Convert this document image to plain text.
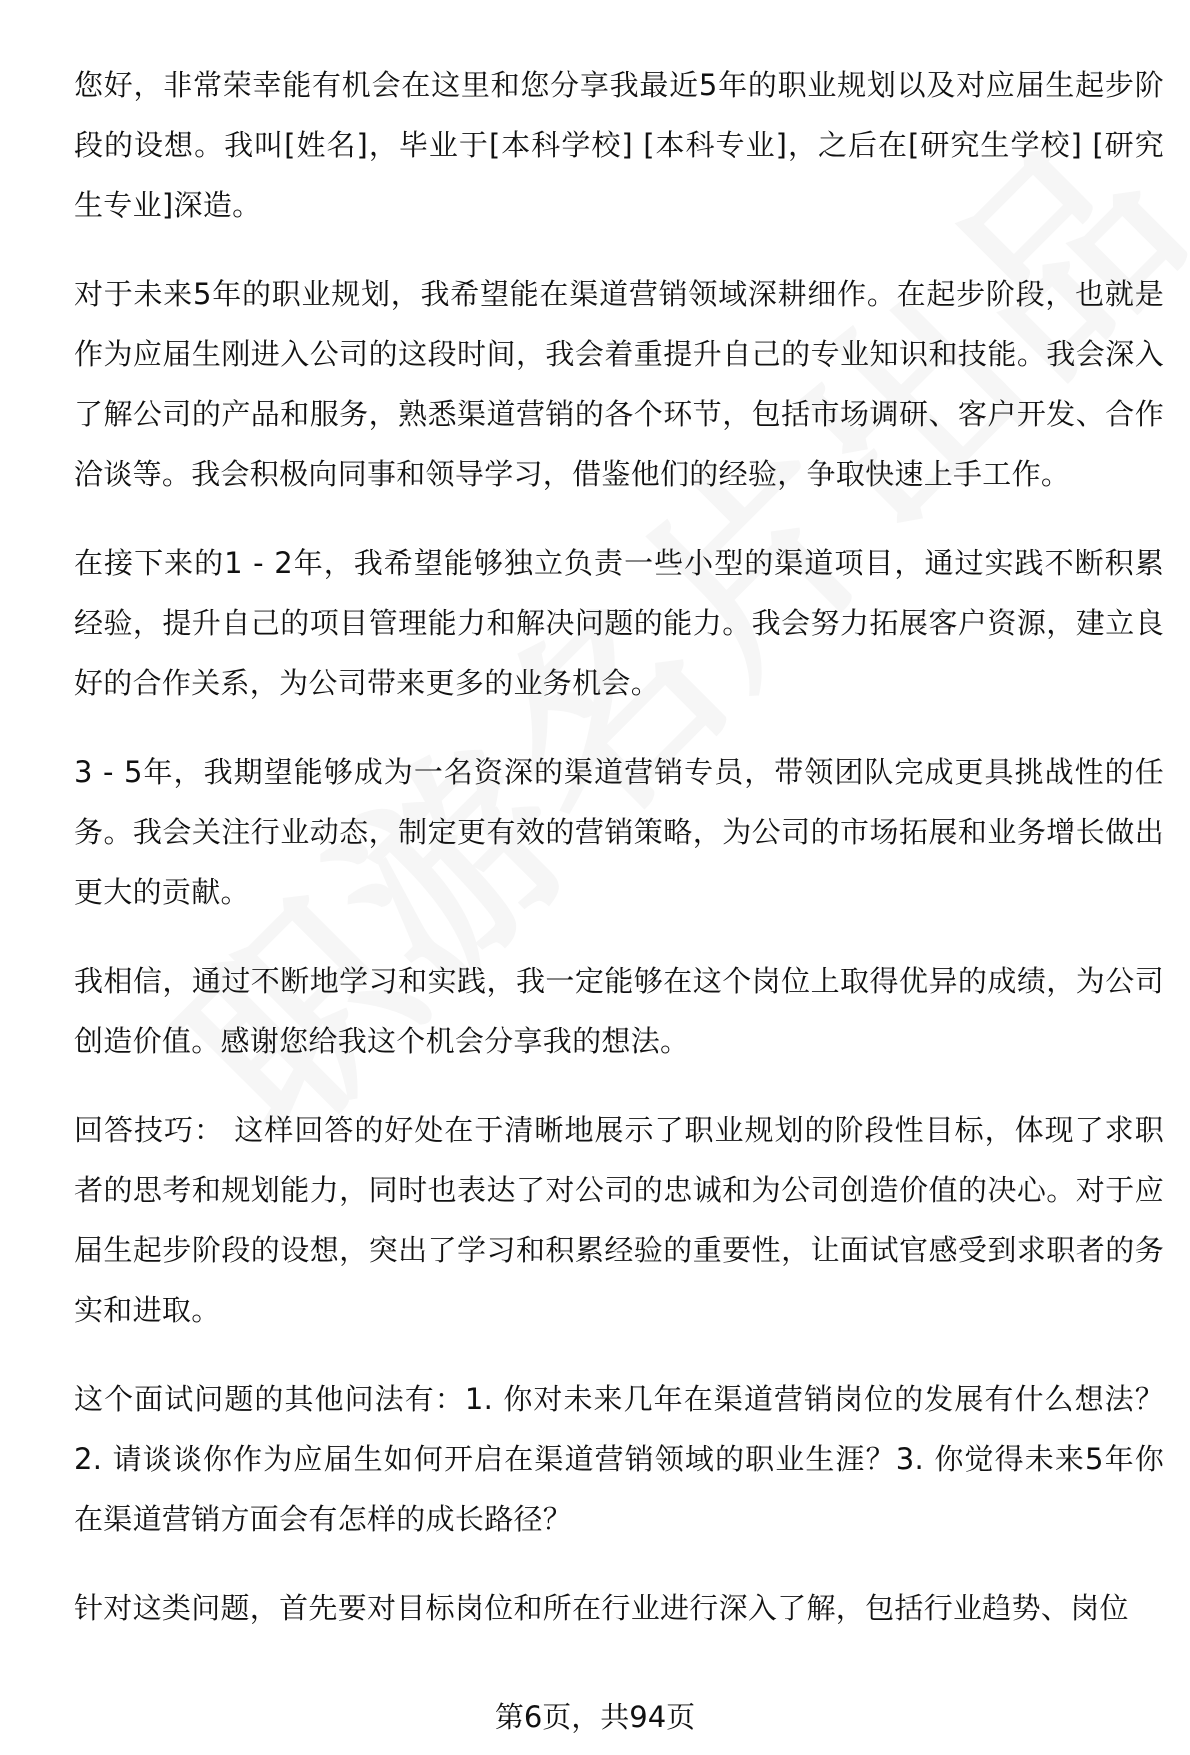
您好，非常荣幸能有机会在这里和您分享我最近5年的职业规划以及对应届生起步阶段的设想。我叫[姓名]，毕业于[本科学校] [本科专业]，之后在[研究生学校] [研究生专业]深造。

对于未来5年的职业规划，我希望能在渠道营销领域深耕细作。在起步阶段，也就是作为应届生刚进入公司的这段时间，我会着重提升自己的专业知识和技能。我会深入了解公司的产品和服务，熟悉渠道营销的各个环节，包括市场调研、客户开发、合作洽谈等。我会积极向同事和领导学习，借鉴他们的经验，争取快速上手工作。

在接下来的1 - 2年，我希望能够独立负责一些小型的渠道项目，通过实践不断积累经验，提升自己的项目管理能力和解决问题的能力。我会努力拓展客户资源，建立良好的合作关系，为公司带来更多的业务机会。

3 - 5年，我期望能够成为一名资深的渠道营销专员，带领团队完成更具挑战性的任务。我会关注行业动态，制定更有效的营销策略，为公司的市场拓展和业务增长做出更大的贡献。

我相信，通过不断地学习和实践，我一定能够在这个岗位上取得优异的成绩，为公司创造价值。感谢您给我这个机会分享我的想法。

回答技巧： 这样回答的好处在于清晰地展示了职业规划的阶段性目标，体现了求职者的思考和规划能力，同时也表达了对公司的忠诚和为公司创造价值的决心。对于应届生起步阶段的设想，突出了学习和积累经验的重要性，让面试官感受到求职者的务实和进取。

这个面试问题的其他问法有：1. 你对未来几年在渠道营销岗位的发展有什么想法？2. 请谈谈你作为应届生如何开启在渠道营销领域的职业生涯？3. 你觉得未来5年你在渠道营销方面会有怎样的成长路径？

针对这类问题，首先要对目标岗位和所在行业进行深入了解，包括行业趋势、岗位

第6页，共94页
